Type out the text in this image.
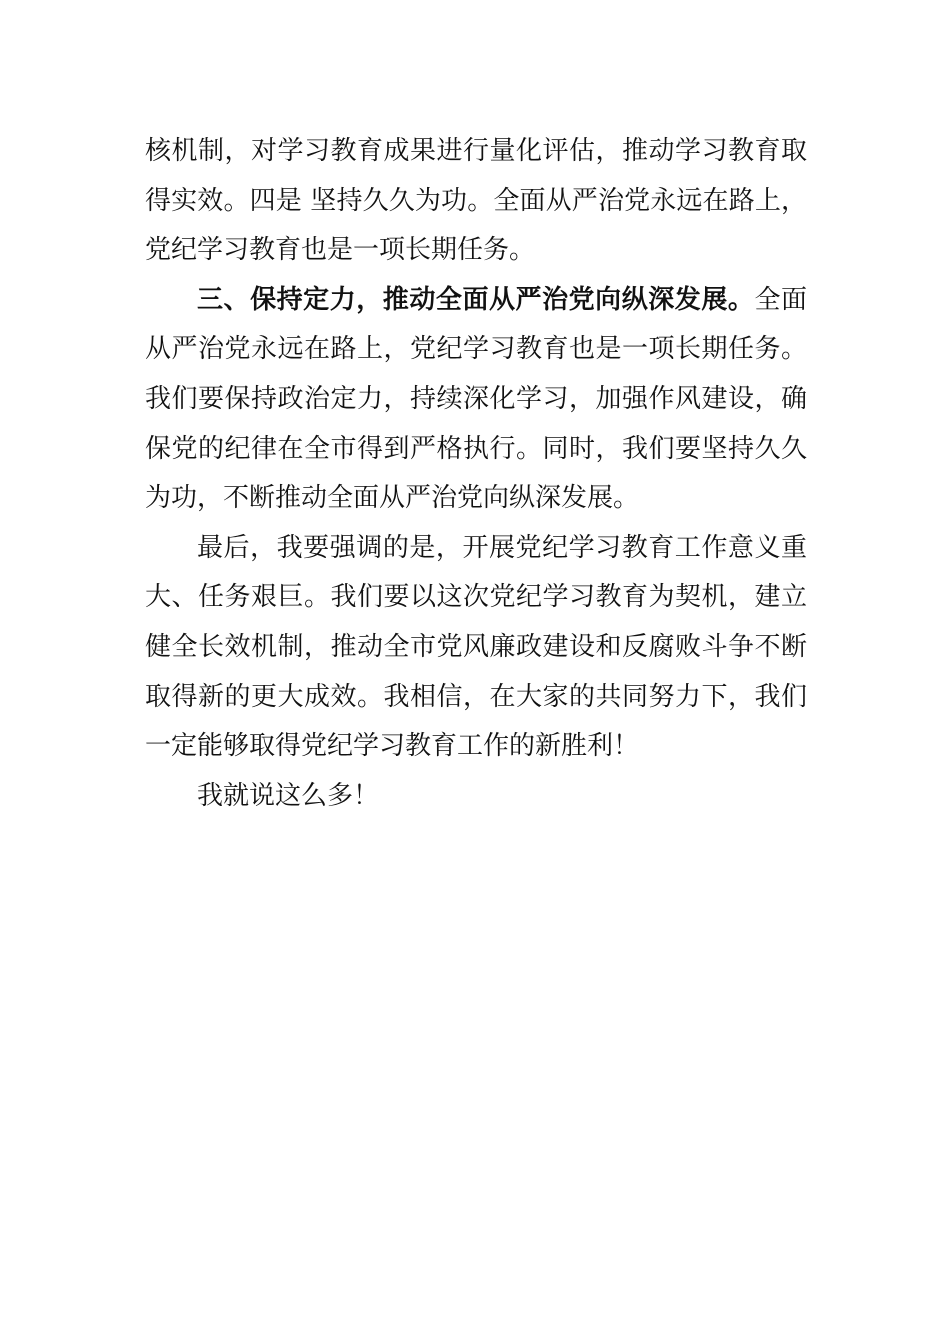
核机制，对学习教育成果进行量化评估，推动学习教育取
得实效。四是 坚持久久为功。全面从严治党永远在路上，
党纪学习教育也是一项长期任务。
三、保持定力，推动全面从严治党向纵深发展。全面
从严治党永远在路上，党纪学习教育也是一项长期任务。
我们要保持政治定力，持续深化学习，加强作风建设，确
保党的纪律在全市得到严格执行。同时，我们要坚持久久
为功，不断推动全面从严治党向纵深发展。
最后，我要强调的是，开展党纪学习教育工作意义重
大、任务艰巨。我们要以这次党纪学习教育为契机，建立
健全长效机制，推动全市党风廉政建设和反腐败斗争不断
取得新的更大成效。我相信，在大家的共同努力下，我们
一定能够取得党纪学习教育工作的新胜利！
我就说这么多！
